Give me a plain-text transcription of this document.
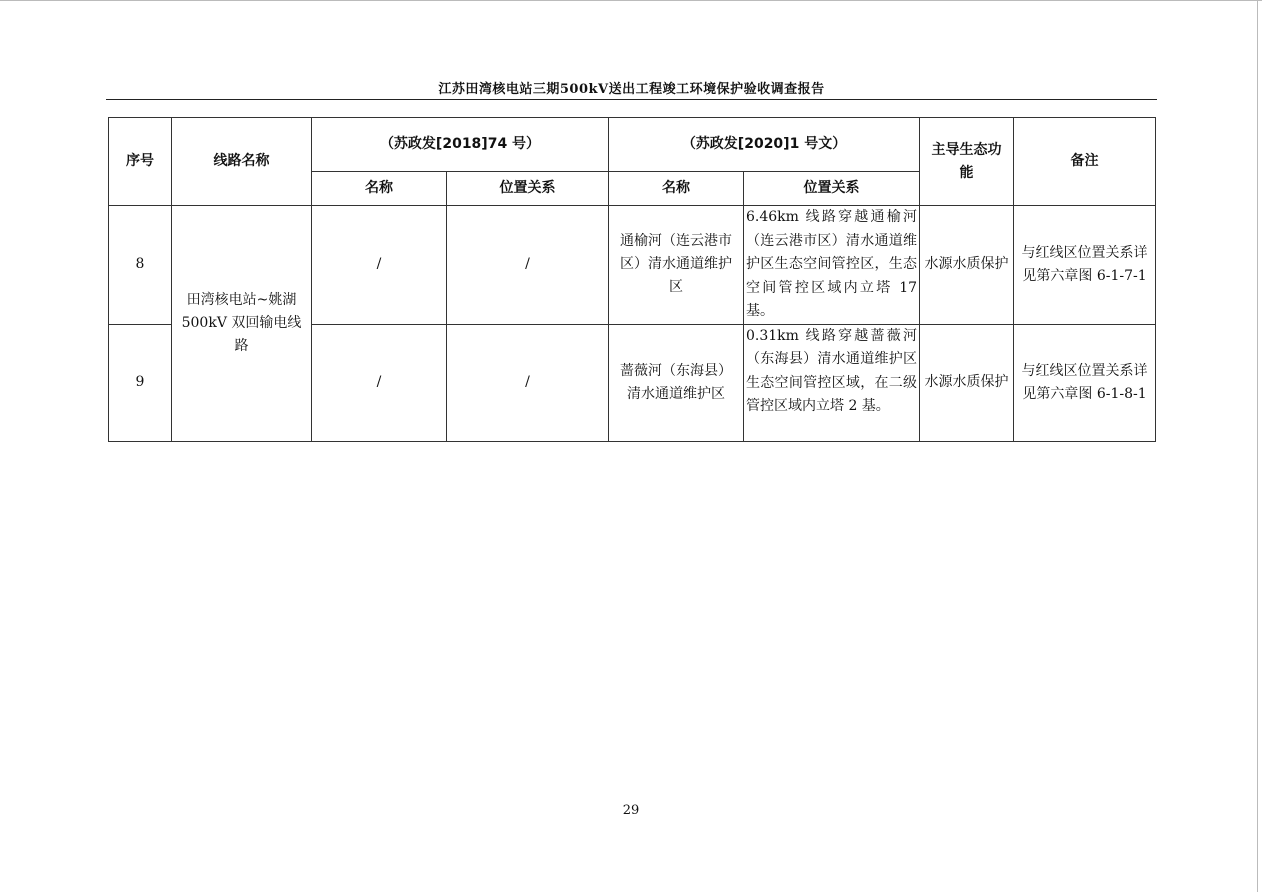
江苏田湾核电站三期500kV送出工程竣工环境保护验收调查报告
序号	线路名称	（苏政发[2018]74 号）		（苏政发[2020]1 号文）		主导生态功能	备注
		名称	位置关系	名称	位置关系		
8	田湾核电站~姚湖500kV 双回输电线路	/	/	通榆河（连云港市区）清水通道维护区	6.46km 线路穿越通榆河（连云港市区）清水通道维护区生态空间管控区，生态空间管控区域内立塔 17 基。	水源水质保护	与红线区位置关系详见第六章图 6-1-7-1

9		/	/	蔷薇河（东海县）清水通道维护区	0.31km 线路穿越蔷薇河（东海县）清水通道维护区生态空间管控区域，在二级管控区域内立塔 2 基。	水源水质保护	与红线区位置关系详见第六章图 6-1-8-1
29
